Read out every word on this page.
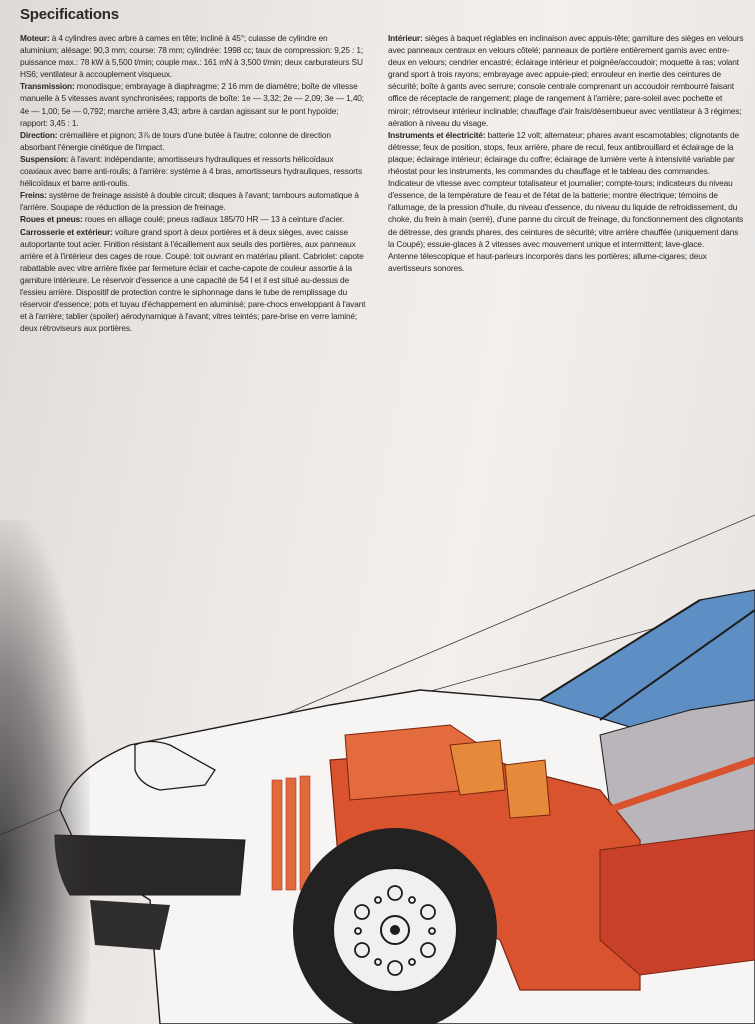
Specifications

Moteur: à 4 cylindres avec arbre à cames en tête; incliné à 45°; culasse de cylindre en aluminium; alésage: 90,3 mm; course: 78 mm; cylindrée: 1998 cc; taux de compression: 9,25 : 1; puissance max.: 78 kW à 5,500 t/min; couple max.: 161 mN à 3,500 t/min; deux carburateurs SU HS6; ventilateur à accouplement visqueux.

Transmission: monodisque; embrayage à diaphragme; 2 16 mm de diamètre; boîte de vitesse manuelle à 5 vitesses avant synchronisées; rapports de boîte: 1e — 3,32; 2e — 2,09; 3e — 1,40; 4e — 1,00; 5e — 0,792; marche arrière 3,43; arbre à cardan agissant sur le pont hypoïde; rapport: 3,45 : 1.

Direction: crémaillère et pignon; 3⅞ de tours d'une butée à l'autre; colonne de direction absorbant l'énergie cinétique de l'impact.

Suspension: à l'avant: indépendante; amortisseurs hydrauliques et ressorts hélicoïdaux coaxiaux avec barre anti-roulis; à l'arrière: système à 4 bras, amortisseurs hydrauliques, ressorts hélicoïdaux et barre anti-roulis.

Freins: système de freinage assisté à double circuit; disques à l'avant; tambours automatique à l'arrière. Soupape de réduction de la pression de freinage.

Roues et pneus: roues en alliage coulé; pneus radiaux 185/70 HR — 13 à ceinture d'acier.

Carrosserie et extérieur: voiture grand sport à deux portières et à deux sièges, avec caisse autoportante tout acier. Finition résistant à l'écaillement aux seuils des portières, aux panneaux arrière et à l'intérieur des cages de roue. Coupé: toit ouvrant en matériau pliant. Cabriolet: capote rabattable avec vitre arrière fixée par fermeture éclair et cache-capote de couleur assortie à la garniture intérieure. Le réservoir d'essence a une capacité de 54 l et il est situé au-dessus de l'essieu arrière. Dispositif de protection contre le siphonnage dans le tube de remplissage du réservoir d'essence; pots et tuyau d'échappement en aluminisé; pare-chocs enveloppant à l'avant et à l'arrière; tablier (spoiler) aérodynamique à l'avant; vitres teintés; pare-brise en verre laminé; deux rétroviseurs aux portières.

Intérieur: sièges à baquet réglables en inclinaison avec appuis-tête; garniture des sièges en velours avec panneaux centraux en velours côtelé; panneaux de portière entièrement garnis avec entre-deux en velours; cendrier encastré; éclairage intérieur et poignée/accoudoir; moquette à ras; volant grand sport à trois rayons; embrayage avec appuie-pied; enrouleur en inertie des ceintures de sécurité; boîte à gants avec serrure; console centrale comprenant un accoudoir rembourré faisant office de réceptacle de rangement; plage de rangement à l'arrière; pare-soleil avec pochette et miroir; rétroviseur intérieur inclinable; chauffage d'air frais/désembueur avec ventilateur à 3 régimes; aération à niveau du visage.

Instruments et électricité: batterie 12 volt; alternateur; phares avant escamotables; clignotants de détresse; feux de position, stops, feux arrière, phare de recul, feux antibrouillard et éclairage de la plaque; éclairage intérieur; éclairage du coffre; éclairage de lumière verte à intensivité variable par rhéostat pour les instruments, les commandes du chauffage et le tableau des commandes.

Indicateur de vitesse avec compteur totalisateur et journalier; compte-tours; indicateurs du niveau d'essence, de la température de l'eau et de l'état de la batterie; montre électrique; témoins de l'allumage, de la pression d'huile, du niveau d'essence, du niveau du liquide de refroidissement, du choke, du frein à main (serré), d'une panne du circuit de freinage, du fonctionnement des clignotants de détresse, des grands phares, des ceintures de sécurité; vitre arrière chauffée (uniquement dans la Coupé); essuie-glaces à 2 vitesses avec mouvement unique et intermittent; lave-glace.

Antenne télescopique et haut-parleurs incorporés dans les portières; allume-cigares; deux avertisseurs sonores.
